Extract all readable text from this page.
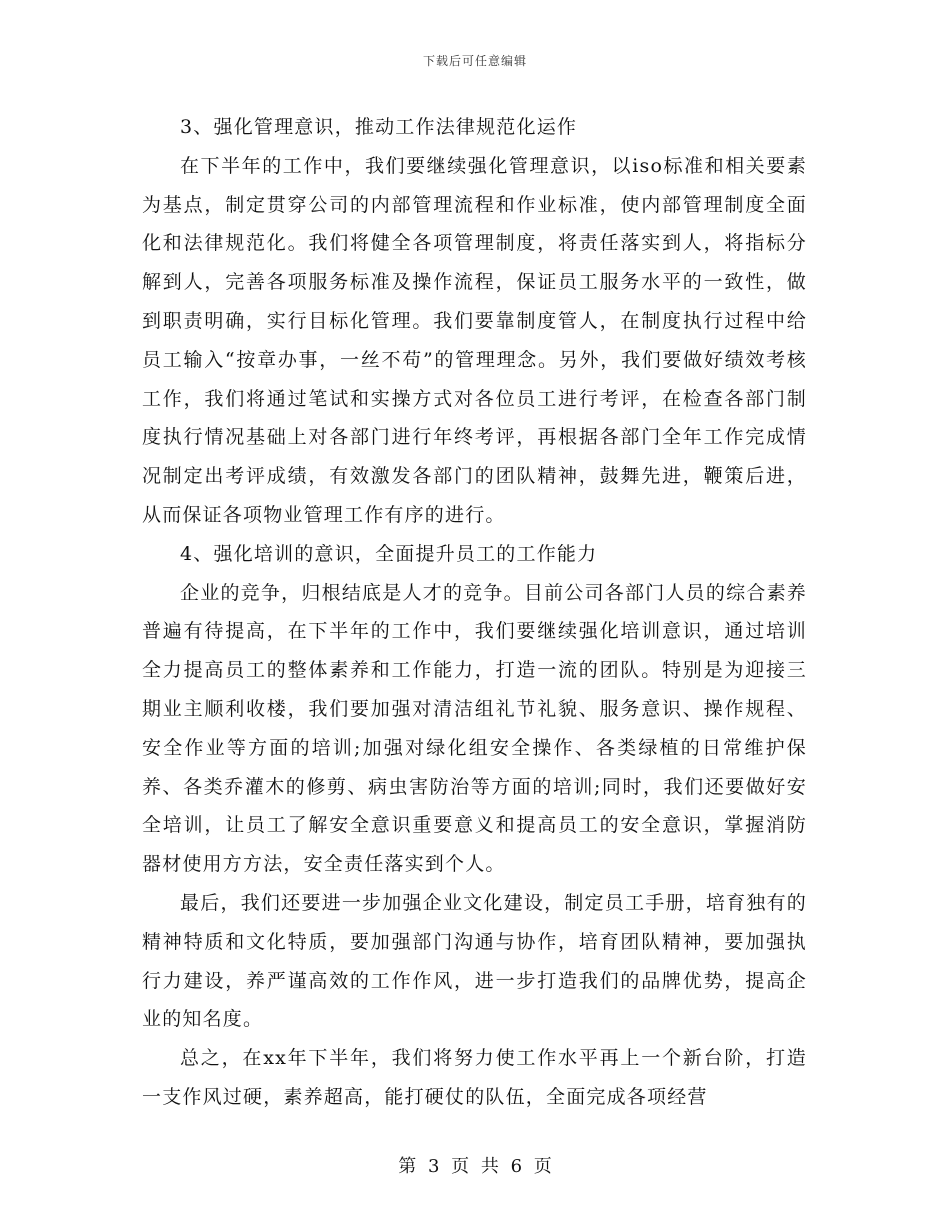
下载后可任意编辑

3、强化管理意识，推动工作法律规范化运作

在下半年的工作中，我们要继续强化管理意识，以iso标准和相关要素为基点，制定贯穿公司的内部管理流程和作业标准，使内部管理制度全面化和法律规范化。我们将健全各项管理制度，将责任落实到人，将指标分解到人，完善各项服务标准及操作流程，保证员工服务水平的一致性，做到职责明确，实行目标化管理。我们要靠制度管人，在制度执行过程中给员工输入“按章办事，一丝不苟”的管理理念。另外，我们要做好绩效考核工作，我们将通过笔试和实操方式对各位员工进行考评，在检查各部门制度执行情况基础上对各部门进行年终考评，再根据各部门全年工作完成情况制定出考评成绩，有效激发各部门的团队精神，鼓舞先进，鞭策后进，从而保证各项物业管理工作有序的进行。

4、强化培训的意识，全面提升员工的工作能力

企业的竞争，归根结底是人才的竞争。目前公司各部门人员的综合素养普遍有待提高，在下半年的工作中，我们要继续强化培训意识，通过培训全力提高员工的整体素养和工作能力，打造一流的团队。特别是为迎接三期业主顺利收楼，我们要加强对清洁组礼节礼貌、服务意识、操作规程、安全作业等方面的培训;加强对绿化组安全操作、各类绿植的日常维护保养、各类乔灌木的修剪、病虫害防治等方面的培训;同时，我们还要做好安全培训，让员工了解安全意识重要意义和提高员工的安全意识，掌握消防器材使用方方法，安全责任落实到个人。

最后，我们还要进一步加强企业文化建设，制定员工手册，培育独有的精神特质和文化特质，要加强部门沟通与协作，培育团队精神，要加强执行力建设，养严谨高效的工作作风，进一步打造我们的品牌优势，提高企业的知名度。

总之，在xx年下半年，我们将努力使工作水平再上一个新台阶，打造一支作风过硬，素养超高，能打硬仗的队伍，全面完成各项经营

第 3 页 共 6 页
